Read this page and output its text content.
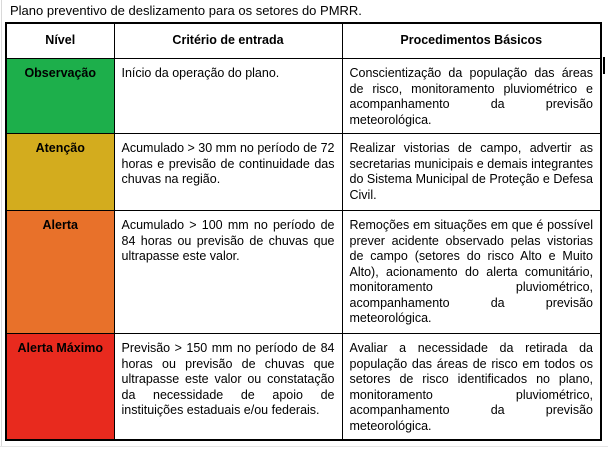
Plano preventivo de deslizamento para os setores do PMRR.
Nível	Critério de entrada	Procedimentos Básicos
Observação	Início da operação do plano.	Conscientização da população das áreas de risco, monitoramento pluviométrico e acompanhamento da previsão meteorológica.
Atenção	Acumulado > 30 mm no período de 72 horas e previsão de continuidade das chuvas na região.	Realizar vistorias de campo, advertir as secretarias municipais e demais integrantes do Sistema Municipal de Proteção e Defesa Civil.
Alerta	Acumulado > 100 mm no período de 84 horas ou previsão de chuvas que ultrapasse este valor.	Remoções em situações em que é possível prever acidente observado pelas vistorias de campo (setores do risco Alto e Muito Alto), acionamento do alerta comunitário, monitoramento pluviométrico, acompanhamento da previsão meteorológica.
Alerta Máximo	Previsão > 150 mm no período de 84 horas ou previsão de chuvas que ultrapasse este valor ou constatação da necessidade de apoio de instituições estaduais e/ou federais.	Avaliar a necessidade da retirada da população das áreas de risco em todos os setores de risco identificados no plano, monitoramento pluviométrico, acompanhamento da previsão meteorológica.
